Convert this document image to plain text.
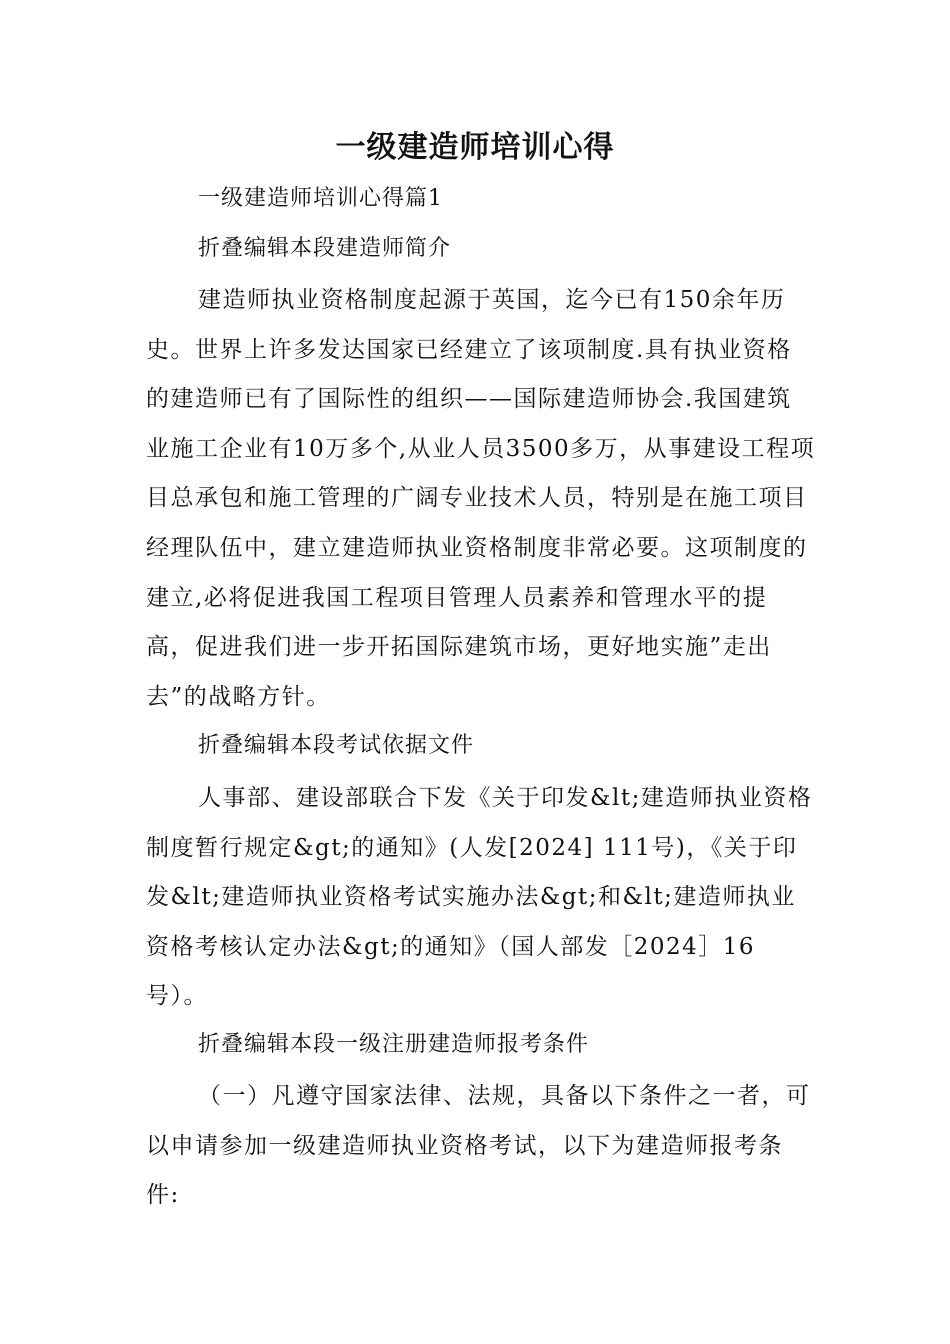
一级建造师培训心得
一级建造师培训心得篇1
折叠编辑本段建造师简介

建造师执业资格制度起源于英国，迄今已有150余年历史。世界上许多发达国家已经建立了该项制度.具有执业资格的建造师已有了国际性的组织——国际建造师协会.我国建筑业施工企业有10万多个,从业人员3500多万，从事建设工程项目总承包和施工管理的广阔专业技术人员，特别是在施工项目经理队伍中，建立建造师执业资格制度非常必要。这项制度的建立,必将促进我国工程项目管理人员素养和管理水平的提高，促进我们进一步开拓国际建筑市场，更好地实施”走出去”的战略方针。

折叠编辑本段考试依据文件

人事部、建设部联合下发《关于印发&lt;建造师执业资格制度暂行规定&gt;的通知》(人发[2024] 111号)，《关于印发&lt;建造师执业资格考试实施办法&gt;和&lt;建造师执业资格考核认定办法&gt;的通知》（国人部发［2024］16号）。

折叠编辑本段一级注册建造师报考条件

（一）凡遵守国家法律、法规，具备以下条件之一者，可以申请参加一级建造师执业资格考试，以下为建造师报考条件:
